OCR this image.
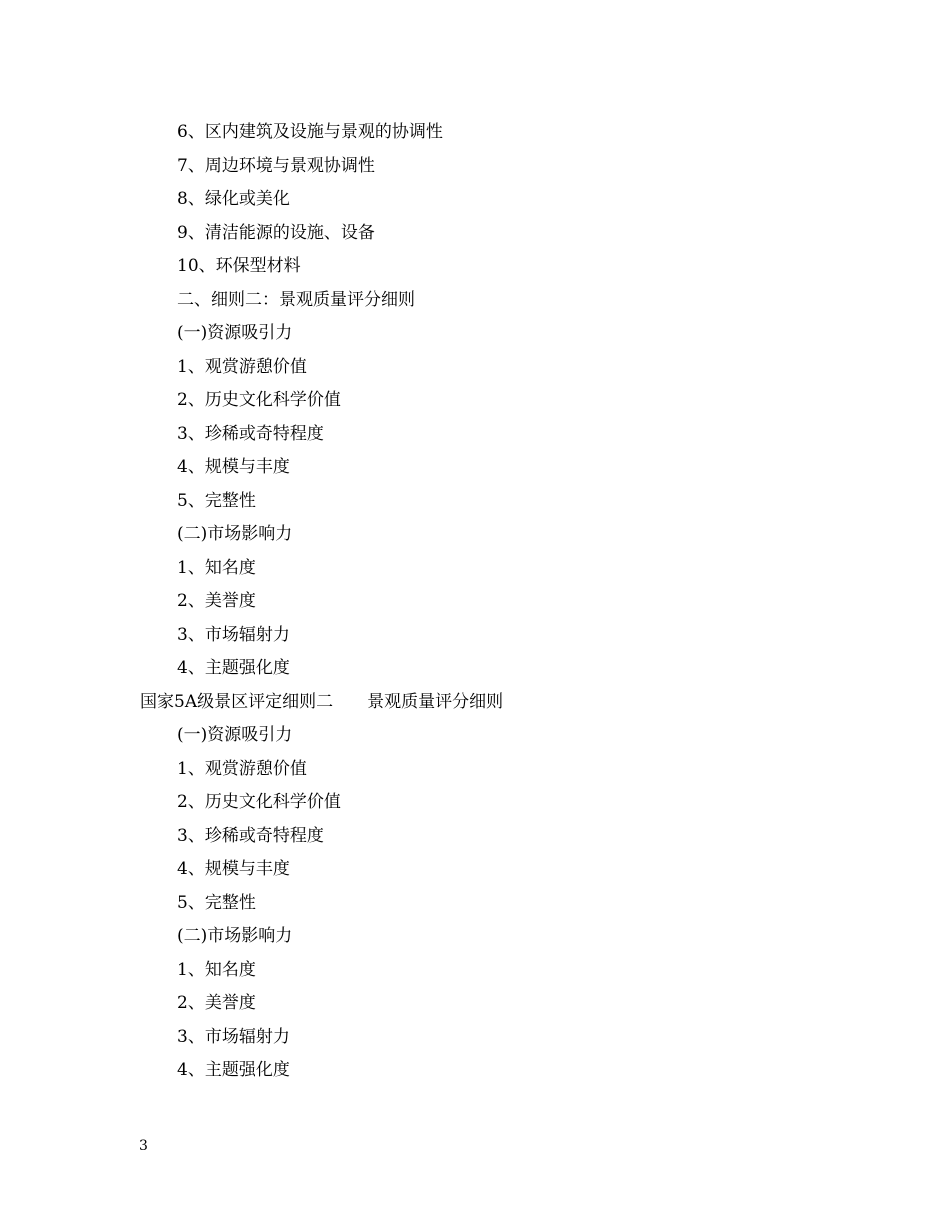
6、区内建筑及设施与景观的协调性
7、周边环境与景观协调性
8、绿化或美化
9、清洁能源的设施、设备
10、环保型材料
二、细则二：景观质量评分细则
(一)资源吸引力
1、观赏游憩价值
2、历史文化科学价值
3、珍稀或奇特程度
4、规模与丰度
5、完整性
(二)市场影响力
1、知名度
2、美誉度
3、市场辐射力
4、主题强化度
国家5A级景区评定细则二　　景观质量评分细则
(一)资源吸引力
1、观赏游憩价值
2、历史文化科学价值
3、珍稀或奇特程度
4、规模与丰度
5、完整性
(二)市场影响力
1、知名度
2、美誉度
3、市场辐射力
4、主题强化度
3
